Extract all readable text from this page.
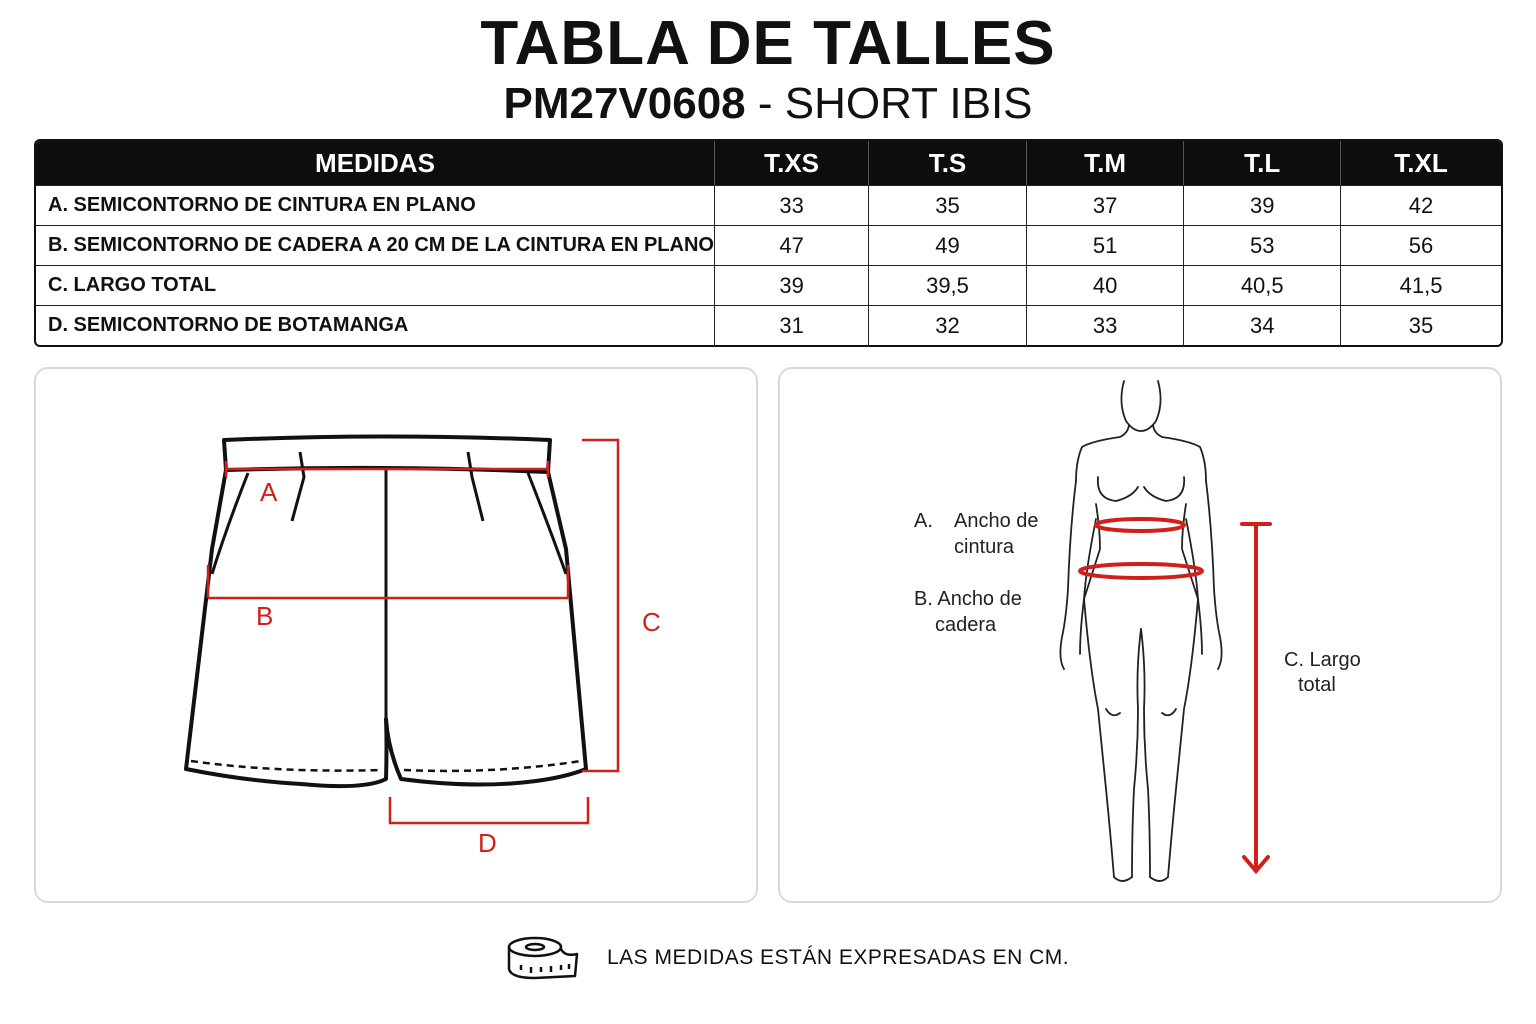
TABLA DE TALLES
PM27V0608 - SHORT IBIS
MEDIDAS	T.XS	T.S	T.M	T.L	T.XL
A. SEMICONTORNO DE CINTURA EN PLANO	33	35	37	39	42
B. SEMICONTORNO DE CADERA A 20 CM DE LA CINTURA EN PLANO	47	49	51	53	56
C. LARGO TOTAL	39	39,5	40	40,5	41,5
D. SEMICONTORNO DE BOTAMANGA	31	32	33	34	35
A
B	C
D
A. Ancho de
cintura
B. Ancho de
cadera
C. Largo
total
LAS MEDIDAS ESTÁN EXPRESADAS EN CM.
